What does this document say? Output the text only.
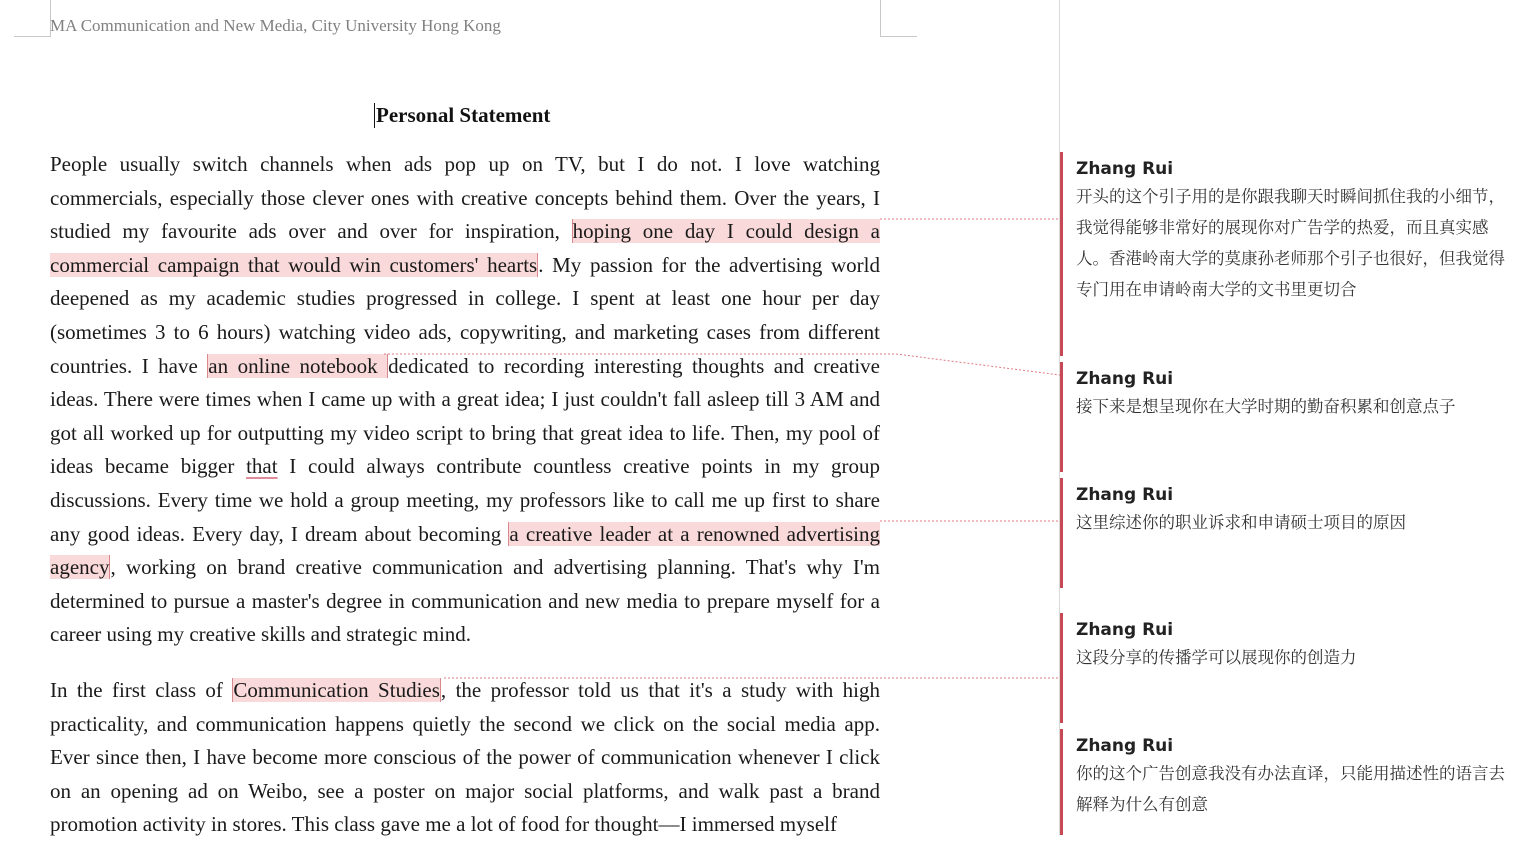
MA Communication and New Media, City University Hong Kong
Personal Statement
People usually switch channels when ads pop up on TV, but I do not. I love watching commercials, especially those clever ones with creative concepts behind them. Over the years, I studied my favourite ads over and over for inspiration, hoping one day I could design a commercial campaign that would win customers' hearts. My passion for the advertising world deepened as my academic studies progressed in college. I spent at least one hour per day (sometimes 3 to 6 hours) watching video ads, copywriting, and marketing cases from different countries. I have an online notebook dedicated to recording interesting thoughts and creative ideas. There were times when I came up with a great idea; I just couldn't fall asleep till 3 AM and got all worked up for outputting my video script to bring that great idea to life. Then, my pool of ideas became bigger that I could always contribute countless creative points in my group discussions. Every time we hold a group meeting, my professors like to call me up first to share any good ideas. Every day, I dream about becoming a creative leader at a renowned advertising agency, working on brand creative communication and advertising planning. That's why I'm determined to pursue a master's degree in communication and new media to prepare myself for a career using my creative skills and strategic mind.
In the first class of Communication Studies, the professor told us that it's a study with high practicality, and communication happens quietly the second we click on the social media app. Ever since then, I have become more conscious of the power of communication whenever I click on an opening ad on Weibo, see a poster on major social platforms, and walk past a brand promotion activity in stores. This class gave me a lot of food for thought—I immersed myself
Zhang Rui
开头的这个引子用的是你跟我聊天时瞬间抓住我的小细节，我觉得能够非常好的展现你对广告学的热爱，而且真实感人。香港岭南大学的莫康孙老师那个引子也很好，但我觉得专门用在申请岭南大学的文书里更切合
Zhang Rui
接下来是想呈现你在大学时期的勤奋积累和创意点子
Zhang Rui
这里综述你的职业诉求和申请硕士项目的原因
Zhang Rui
这段分享的传播学可以展现你的创造力
Zhang Rui
你的这个广告创意我没有办法直译，只能用描述性的语言去解释为什么有创意
